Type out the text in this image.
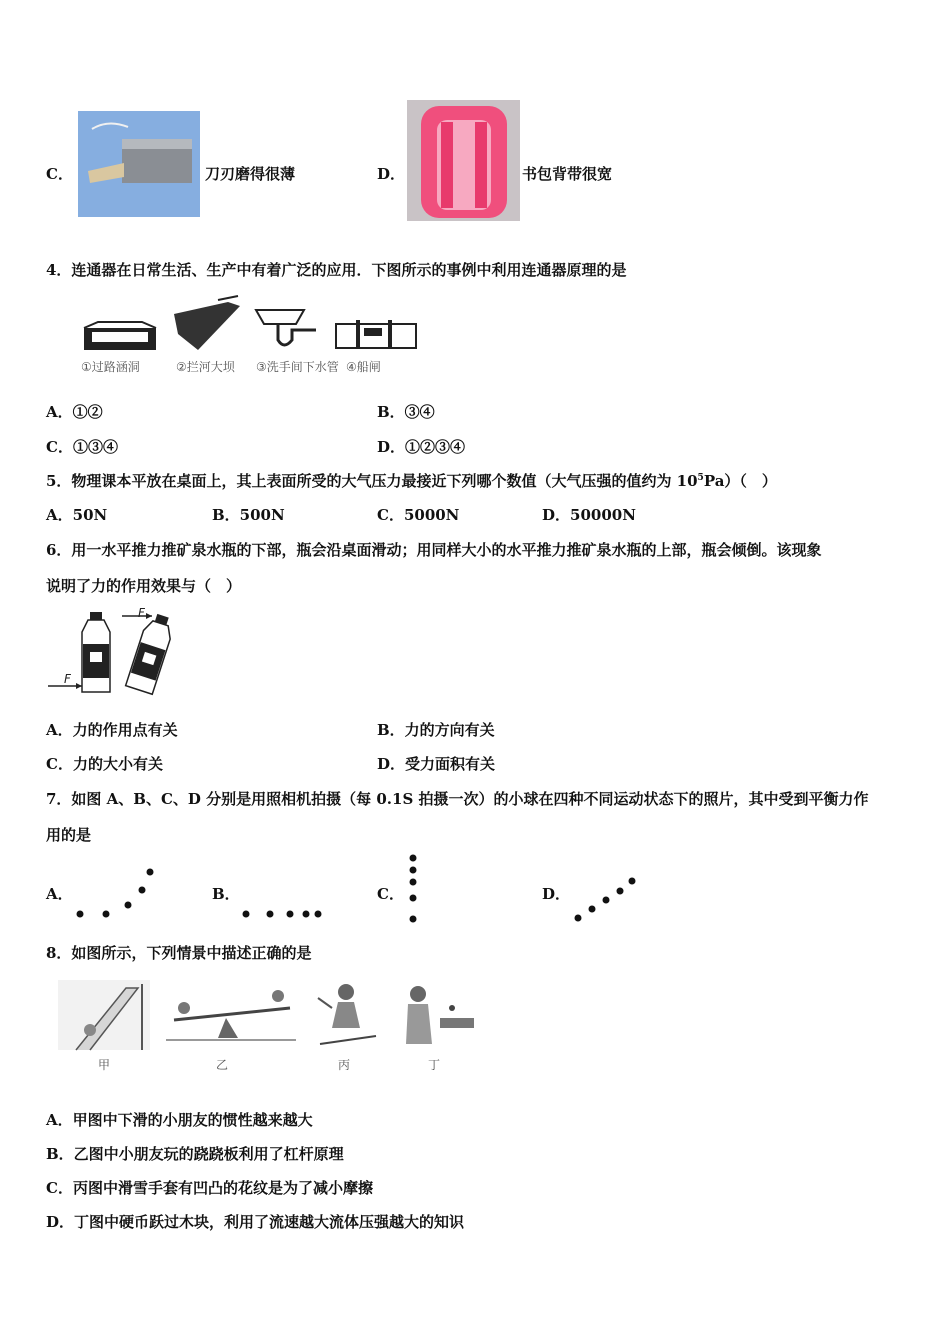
C．	刀刃磨得很薄	D．	书包背带很宽
4．连通器在日常生活、生产中有着广泛的应用．下图所示的事例中利用连通器原理的是
①过路涵洞	②拦河大坝 ③洗手间下水管 ④船闸
A．①②	B．③④
C．①③④	D．①②③④
5．物理课本平放在桌面上，其上表面所受的大气压力最接近下列哪个数值（大气压强的值约为 $10^5Pa$）（　）
A．50N	B．500N	C．5000N	D．50000N
6．用一水平推力推矿泉水瓶的下部，瓶会沿桌面滑动；用同样大小的水平推力推矿泉水瓶的上部，瓶会倾倒。该现象
说明了力的作用效果与（　）
F
F
A．力的作用点有关	B．力的方向有关
C．力的大小有关	D．受力面积有关
7．如图 A、B、C、D 分别是用照相机拍摄（每 0.1S 拍摄一次）的小球在四种不同运动状态下的照片，其中受到平衡力作
用的是
A．	B．	C．	D．
8．如图所示，下列情景中描述正确的是
甲	乙	丙	丁
A．甲图中下滑的小朋友的惯性越来越大
B．乙图中小朋友玩的跷跷板利用了杠杆原理
C．丙图中滑雪手套有凹凸的花纹是为了减小摩擦
D．丁图中硬币跃过木块，利用了流速越大流体压强越大的知识
